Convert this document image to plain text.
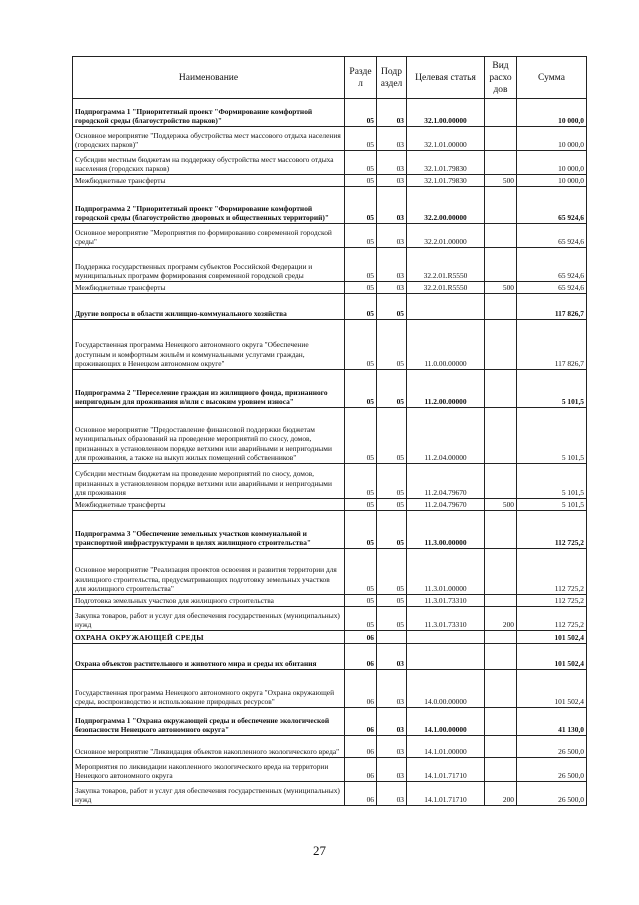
Наименование	Разде л	Подр аздел	Целевая статья	Вид расхо дов	Сумма
Подпрограмма 1 "Приоритетный проект "Формирование комфортной городской среды (благоустройство парков)"	05	03	32.1.00.00000		10 000,0
Основное мероприятие "Поддержка обустройства мест массового отдыха населения (городских парков)"	05	03	32.1.01.00000		10 000,0
Субсидии местным бюджетам на поддержку обустройства мест массового отдыха населения (городских парков)	05	03	32.1.01.79830		10 000,0
Межбюджетные трансферты	05	03	32.1.01.79830	500	10 000,0
Подпрограмма 2 "Приоритетный проект "Формирование комфортной городской среды (благоустройство дворовых и общественных территорий)"	05	03	32.2.00.00000		65 924,6
Основное мероприятие "Мероприятия по формированию современной городской среды"	05	03	32.2.01.00000		65 924,6
Поддержка государственных программ субъектов Российской Федерации и муниципальных программ формирования современной городской среды	05	03	32.2.01.R5550		65 924,6
Межбюджетные трансферты	05	03	32.2.01.R5550	500	65 924,6
Другие вопросы в области жилищно-коммунального хозяйства	05	05			117 826,7
Государственная программа Ненецкого автономного округа "Обеспечение доступным и комфортным жильём и коммунальными услугами граждан, проживающих в Ненецком автономном округе"	05	05	11.0.00.00000		117 826,7
Подпрограмма 2 "Переселение граждан из жилищного фонда, признанного непригодным для проживания и/или с высоким уровнем износа"	05	05	11.2.00.00000		5 101,5
Основное мероприятие "Предоставление финансовой поддержки бюджетам муниципальных образований на проведение мероприятий по сносу, домов, признанных в установленном порядке ветхими или аварийными и непригодными для проживания, а также на выкуп жилых помещений собственников"	05	05	11.2.04.00000		5 101,5
Субсидии местным бюджетам на проведение мероприятий по сносу, домов, признанных в установленном порядке ветхими или аварийными и непригодными для проживания	05	05	11.2.04.79670		5 101,5
Межбюджетные трансферты	05	05	11.2.04.79670	500	5 101,5
Подпрограмма 3 "Обеспечение земельных участков коммунальной и транспортной инфраструктурами в целях жилищного строительства"	05	05	11.3.00.00000		112 725,2
Основное мероприятие "Реализация проектов освоения и развития территории для жилищного строительства, предусматривающих подготовку земельных участков для жилищного строительства"	05	05	11.3.01.00000		112 725,2
Подготовка земельных участков для жилищного строительства	05	05	11.3.01.73310		112 725,2
Закупка товаров, работ и услуг для обеспечения государственных (муниципальных) нужд	05	05	11.3.01.73310	200	112 725,2
ОХРАНА ОКРУЖАЮЩЕЙ СРЕДЫ	06				101 502,4
Охрана объектов растительного и животного мира и среды их обитания	06	03			101 502,4
Государственная программа Ненецкого автономного округа "Охрана окружающей среды, воспроизводство и использование природных ресурсов"	06	03	14.0.00.00000		101 502,4
Подпрограмма 1 "Охрана окружающей среды и обеспечение экологической безопасности Ненецкого автономного округа"	06	03	14.1.00.00000		41 130,0
Основное мероприятие "Ликвидация объектов накопленного экологического вреда"	06	03	14.1.01.00000		26 500,0
Мероприятия по ликвидации накопленного экологического вреда на территории Ненецкого автономного округа	06	03	14.1.01.71710		26 500,0
Закупка товаров, работ и услуг для обеспечения государственных (муниципальных) нужд	06	03	14.1.01.71710	200	26 500,0
27
